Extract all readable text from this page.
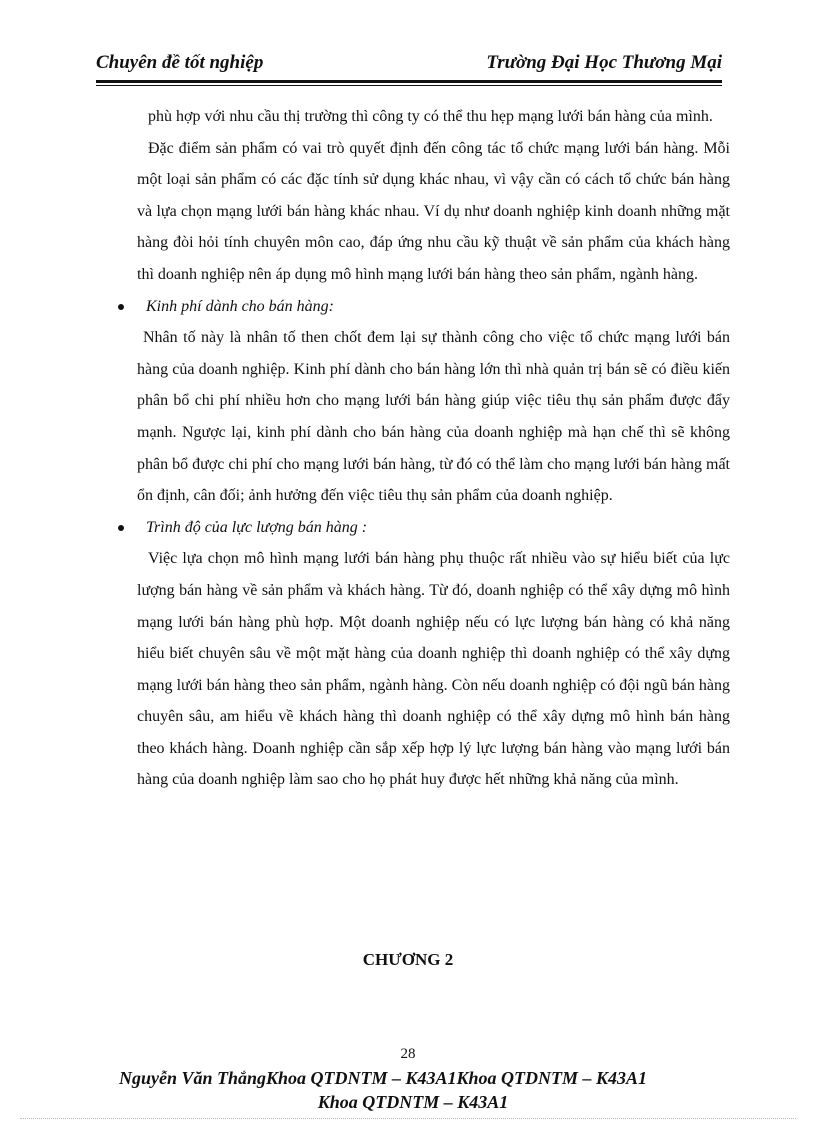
Chuyên đề tốt nghiệp	Trường Đại Học Thương Mại

phù hợp với nhu cầu thị trường thì công ty có thể thu hẹp mạng lưới bán hàng của mình.

Đặc điểm sản phẩm có vai trò quyết định đến công tác tổ chức mạng lưới bán hàng. Mỗi một loại sản phẩm có các đặc tính sử dụng khác nhau, vì vậy cần có cách tổ chức bán hàng và lựa chọn mạng lưới bán hàng khác nhau. Ví dụ như doanh nghiệp kinh doanh những mặt hàng đòi hỏi tính chuyên môn cao, đáp ứng nhu cầu kỹ thuật về sản phẩm của khách hàng thì doanh nghiệp nên áp dụng mô hình mạng lưới bán hàng theo sản phẩm, ngành hàng.

Kinh phí dành cho bán hàng:

Nhân tố này là nhân tố then chốt đem lại sự thành công cho việc tổ chức mạng lưới bán hàng của doanh nghiệp. Kinh phí dành cho bán hàng lớn thì nhà quản trị bán sẽ có điều kiến phân bổ chi phí nhiều hơn cho mạng lưới bán hàng giúp việc tiêu thụ sản phẩm được đẩy mạnh. Ngược lại, kinh phí dành cho bán hàng của doanh nghiệp mà hạn chế thì sẽ không phân bổ được chi phí cho mạng lưới bán hàng, từ đó có thể làm cho mạng lưới bán hàng mất ổn định, cân đối; ảnh hưởng đến việc tiêu thụ sản phẩm của doanh nghiệp.

Trình độ của lực lượng bán hàng :

Việc lựa chọn mô hình mạng lưới bán hàng phụ thuộc rất nhiều vào sự hiểu biết của lực lượng bán hàng về sản phẩm và khách hàng. Từ đó, doanh nghiệp có thể xây dựng mô hình mạng lưới bán hàng phù hợp. Một doanh nghiệp nếu có lực lượng bán hàng có khả năng hiểu biết chuyên sâu về một mặt hàng của doanh nghiệp thì doanh nghiệp có thể xây dựng mạng lưới bán hàng theo sản phẩm, ngành hàng. Còn nếu doanh nghiệp có đội ngũ bán hàng chuyên sâu, am hiểu về khách hàng thì doanh nghiệp có thể xây dựng mô hình bán hàng theo khách hàng. Doanh nghiệp cần sắp xếp hợp lý lực lượng bán hàng vào mạng lưới bán hàng của doanh nghiệp làm sao cho họ phát huy được hết những khả năng của mình.

CHƯƠNG 2
28
Nguyễn Văn ThắngKhoa QTDNTM – K43A1Khoa QTDNTM – K43A1
Khoa QTDNTM – K43A1
